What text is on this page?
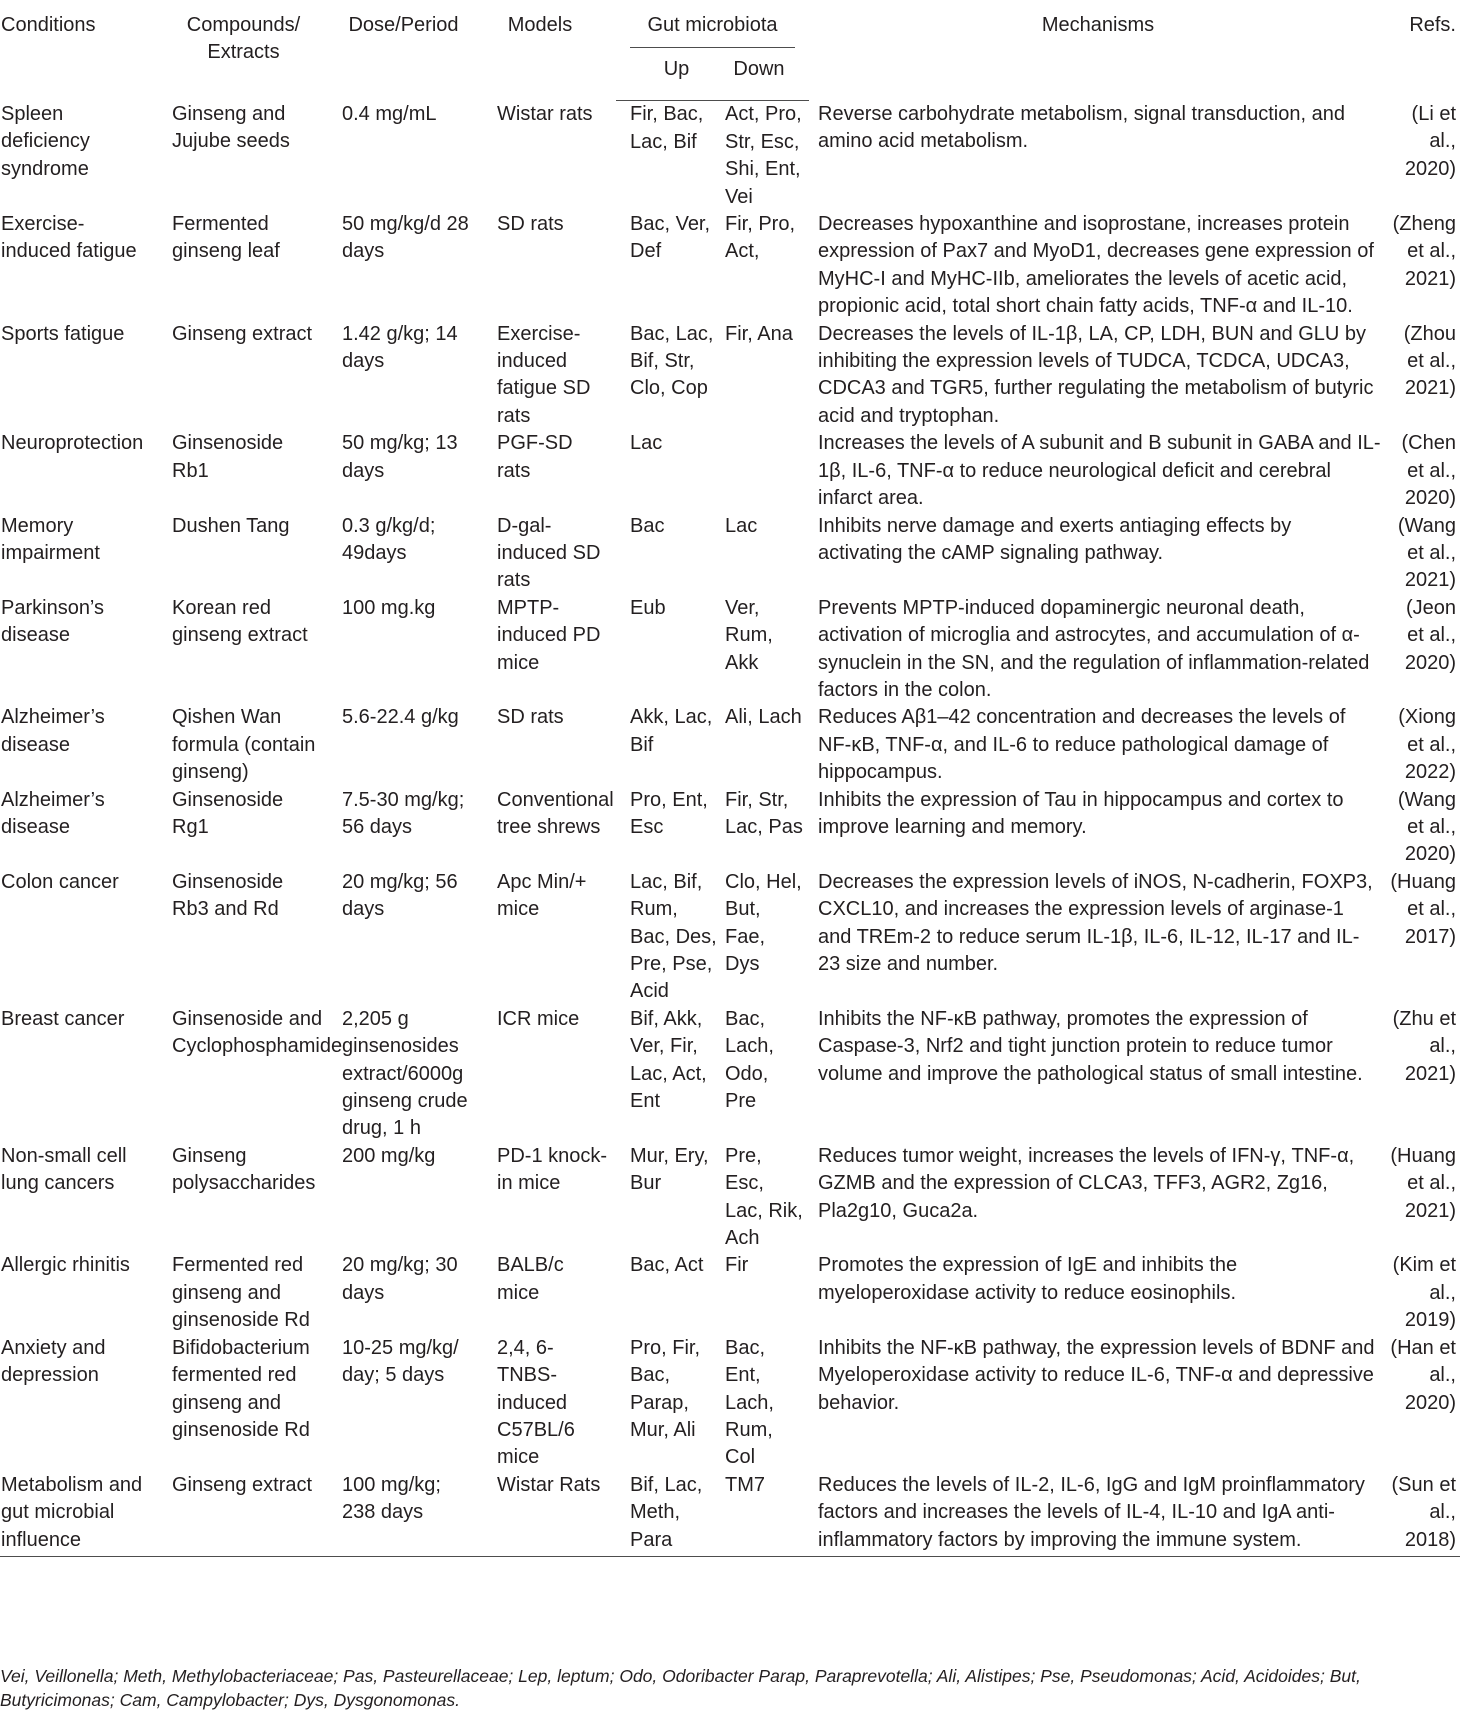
Conditions	Compounds/ Extracts	Dose/Period	Models	Gut microbiota		Mechanisms	Refs.
				Up	Down		
Spleen deficiency syndrome	Ginseng and Jujube seeds	0.4 mg/mL	Wistar rats	Fir, Bac, Lac, Bif	Act, Pro, Str, Esc, Shi, Ent, Vei	Reverse carbohydrate metabolism, signal transduction, and amino acid metabolism.	(Li et al., 2020)
Exercise-induced fatigue	Fermented ginseng leaf	50 mg/kg/d 28 days	SD rats	Bac, Ver, Def	Fir, Pro, Act,	Decreases hypoxanthine and isoprostane, increases protein expression of Pax7 and MyoD1, decreases gene expression of MyHC-I and MyHC-IIb, ameliorates the levels of acetic acid, propionic acid, total short chain fatty acids, TNF-α and IL-10.	(Zheng et al., 2021)
Sports fatigue	Ginseng extract	1.42 g/kg; 14 days	Exercise-induced fatigue SD rats	Bac, Lac, Bif, Str, Clo, Cop	Fir, Ana	Decreases the levels of IL-1β, LA, CP, LDH, BUN and GLU by inhibiting the expression levels of TUDCA, TCDCA, UDCA3, CDCA3 and TGR5, further regulating the metabolism of butyric acid and tryptophan.	(Zhou et al., 2021)
Neuroprotection	Ginsenoside Rb1	50 mg/kg; 13 days	PGF-SD rats	Lac		Increases the levels of A subunit and B subunit in GABA and IL-1β, IL-6, TNF-α to reduce neurological deficit and cerebral infarct area.	(Chen et al., 2020)
Memory impairment	Dushen Tang	0.3 g/kg/d; 49days	D-gal-induced SD rats	Bac	Lac	Inhibits nerve damage and exerts antiaging effects by activating the cAMP signaling pathway.	(Wang et al., 2021)
Parkinson’s disease	Korean red ginseng extract	100 mg.kg	MPTP-induced PD mice	Eub	Ver, Rum, Akk	Prevents MPTP-induced dopaminergic neuronal death, activation of microglia and astrocytes, and accumulation of α-synuclein in the SN, and the regulation of inflammation-related factors in the colon.	(Jeon et al., 2020)
Alzheimer’s disease	Qishen Wan formula (contain ginseng)	5.6-22.4 g/kg	SD rats	Akk, Lac, Bif	Ali, Lach	Reduces Aβ1–42 concentration and decreases the levels of NF-κB, TNF-α, and IL-6 to reduce pathological damage of hippocampus.	(Xiong et al., 2022)
Alzheimer’s disease	Ginsenoside Rg1	7.5-30 mg/kg; 56 days	Conventional tree shrews	Pro, Ent, Esc	Fir, Str, Lac, Pas	Inhibits the expression of Tau in hippocampus and cortex to improve learning and memory.	(Wang et al., 2020)
Colon cancer	Ginsenoside Rb3 and Rd	20 mg/kg; 56 days	Apc Min/+ mice	Lac, Bif, Rum, Bac, Des, Pre, Pse, Acid	Clo, Hel, But, Fae, Dys	Decreases the expression levels of iNOS, N-cadherin, FOXP3, CXCL10, and increases the expression levels of arginase-1 and TREm-2 to reduce serum IL-1β, IL-6, IL-12, IL-17 and IL-23 size and number.	(Huang et al., 2017)
Breast cancer	Ginsenoside and Cyclophosphamide	2,205 g ginsenosides extract/6000g ginseng crude drug, 1 h	ICR mice	Bif, Akk, Ver, Fir, Lac, Act, Ent	Bac, Lach, Odo, Pre	Inhibits the NF-κB pathway, promotes the expression of Caspase-3, Nrf2 and tight junction protein to reduce tumor volume and improve the pathological status of small intestine.	(Zhu et al., 2021)
Non-small cell lung cancers	Ginseng polysaccharides	200 mg/kg	PD-1 knock-in mice	Mur, Ery, Bur	Pre, Esc, Lac, Rik, Ach	Reduces tumor weight, increases the levels of IFN-γ, TNF-α, GZMB and the expression of CLCA3, TFF3, AGR2, Zg16, Pla2g10, Guca2a.	(Huang et al., 2021)
Allergic rhinitis	Fermented red ginseng and ginsenoside Rd	20 mg/kg; 30 days	BALB/c mice	Bac, Act	Fir	Promotes the expression of IgE and inhibits the myeloperoxidase activity to reduce eosinophils.	(Kim et al., 2019)
Anxiety and depression	Bifidobacterium fermented red ginseng and ginsenoside Rd	10-25 mg/kg/ day; 5 days	2,4, 6-TNBS-induced C57BL/6 mice	Pro, Fir, Bac, Parap, Mur, Ali	Bac, Ent, Lach, Rum, Col	Inhibits the NF-κB pathway, the expression levels of BDNF and Myeloperoxidase activity to reduce IL-6, TNF-α and depressive behavior.	(Han et al., 2020)
Metabolism and gut microbial influence	Ginseng extract	100 mg/kg; 238 days	Wistar Rats	Bif, Lac, Meth, Para	TM7	Reduces the levels of IL-2, IL-6, IgG and IgM proinflammatory factors and increases the levels of IL-4, IL-10 and IgA anti-inflammatory factors by improving the immune system.	(Sun et al., 2018)
Vei, Veillonella; Meth, Methylobacteriaceae; Pas, Pasteurellaceae; Lep, leptum; Odo, Odoribacter Parap, Paraprevotella; Ali, Alistipes; Pse, Pseudomonas; Acid, Acidoides; But, Butyricimonas; Cam, Campylobacter; Dys, Dysgonomonas.
